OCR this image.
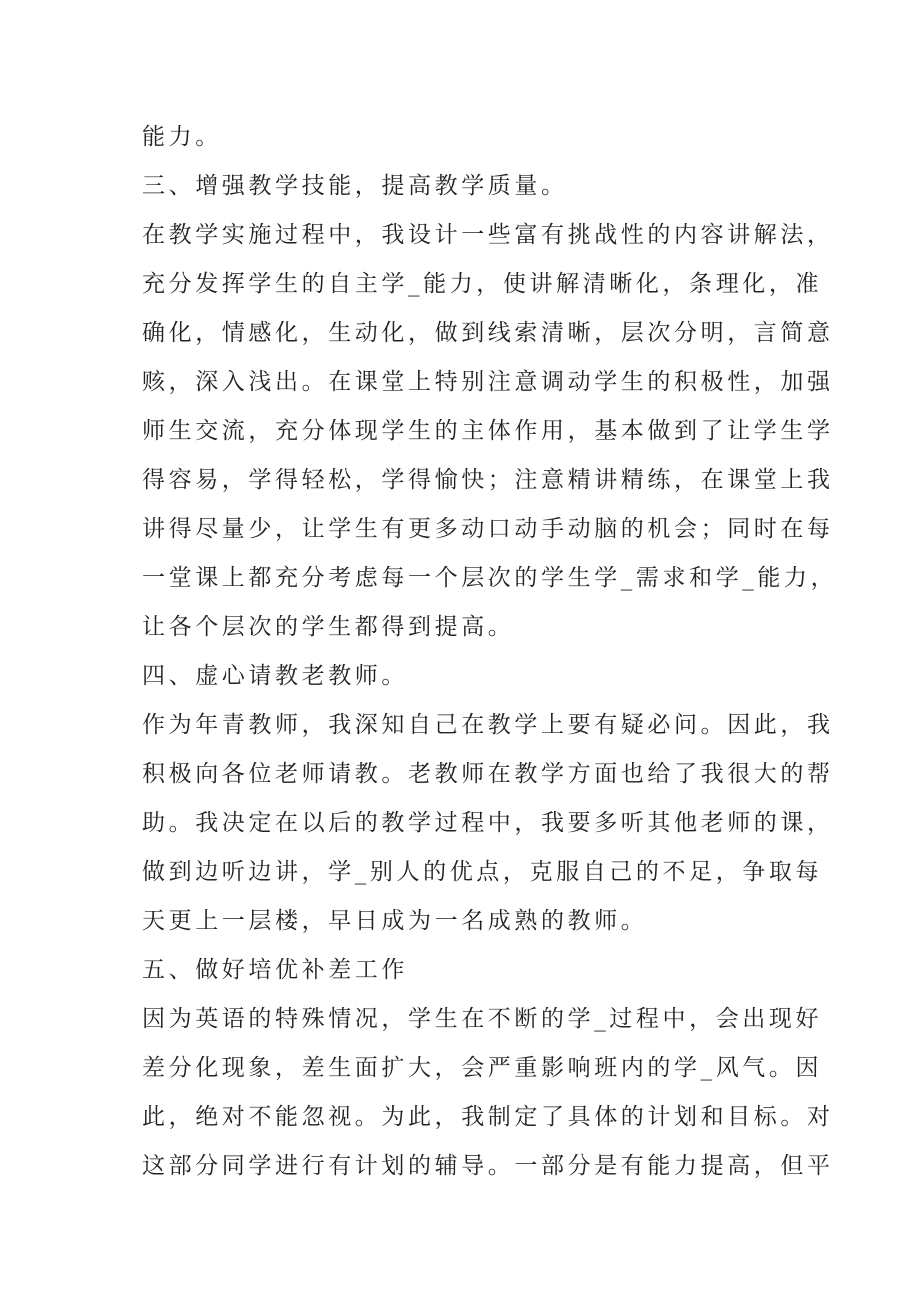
能力。
三、增强教学技能，提高教学质量。
在教学实施过程中，我设计一些富有挑战性的内容讲解法，
充分发挥学生的自主学_能力，使讲解清晰化，条理化，准
确化，情感化，生动化，做到线索清晰，层次分明，言简意
赅，深入浅出。在课堂上特别注意调动学生的积极性，加强
师生交流，充分体现学生的主体作用，基本做到了让学生学
得容易，学得轻松，学得愉快；注意精讲精练，在课堂上我
讲得尽量少，让学生有更多动口动手动脑的机会；同时在每
一堂课上都充分考虑每一个层次的学生学_需求和学_能力，
让各个层次的学生都得到提高。
四、虚心请教老教师。
作为年青教师，我深知自己在教学上要有疑必问。因此，我
积极向各位老师请教。老教师在教学方面也给了我很大的帮
助。我决定在以后的教学过程中，我要多听其他老师的课，
做到边听边讲，学_别人的优点，克服自己的不足，争取每
天更上一层楼，早日成为一名成熟的教师。
五、做好培优补差工作
因为英语的特殊情况，学生在不断的学_过程中，会出现好
差分化现象，差生面扩大，会严重影响班内的学_风气。因
此，绝对不能忽视。为此，我制定了具体的计划和目标。对
这部分同学进行有计划的辅导。一部分是有能力提高，但平
